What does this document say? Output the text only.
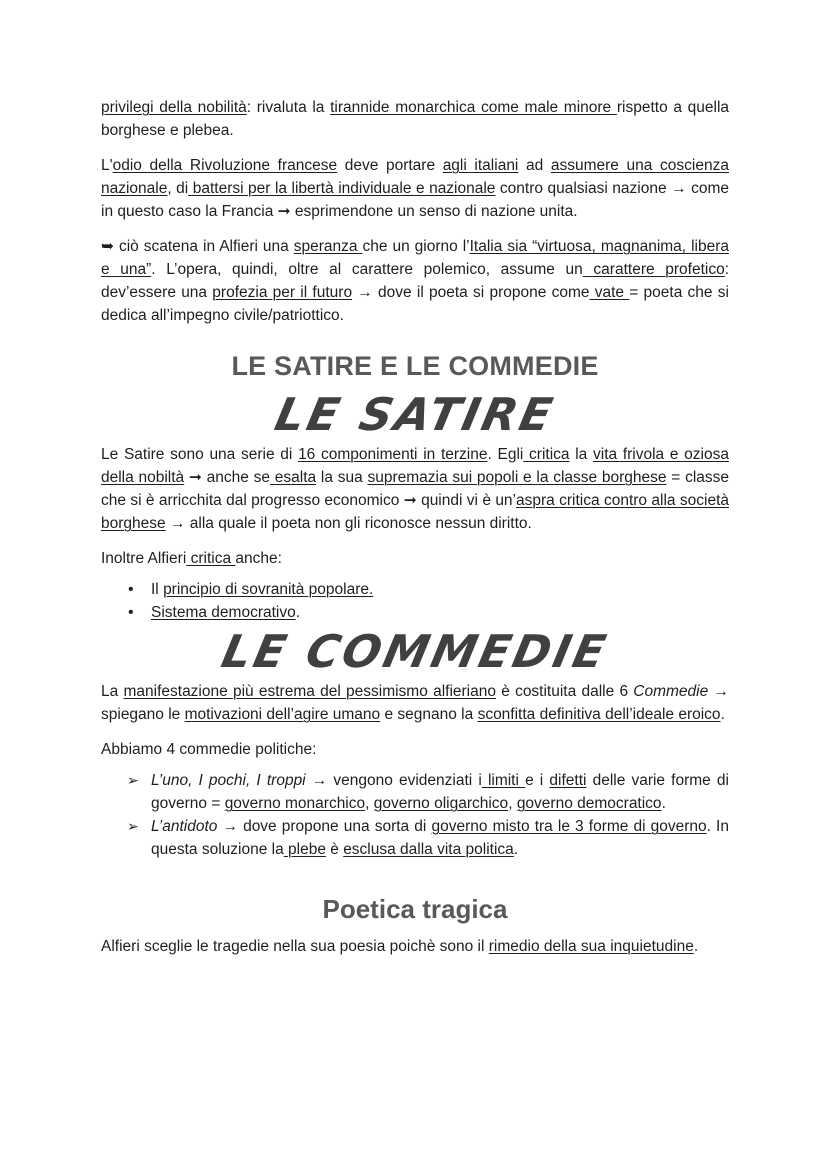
privilegi della nobilità: rivaluta la tirannide monarchica come male minore rispetto a quella borghese e plebea.

L'odio della Rivoluzione francese deve portare agli italiani ad assumere una coscienza nazionale, di battersi per la libertà individuale e nazionale contro qualsiasi nazione → come in questo caso la Francia ➞ esprimendone un senso di nazione unita.

➥ ciò scatena in Alfieri una speranza che un giorno l’Italia sia “virtuosa, magnanima, libera e una”. L’opera, quindi, oltre al carattere polemico, assume un carattere profetico: dev’essere una profezia per il futuro → dove il poeta si propone come vate = poeta che si dedica all’impegno civile/patriottico.

LE SATIRE E LE COMMEDIE
LE SATIRE

Le Satire sono una serie di 16 componimenti in terzine. Egli critica la vita frivola e oziosa della nobiltà ➞ anche se esalta la sua supremazia sui popoli e la classe borghese = classe che si è arricchita dal progresso economico ➞ quindi vi è un’aspra critica contro alla società borghese → alla quale il poeta non gli riconosce nessun diritto.

Inoltre Alfieri critica anche:

• Il principio di sovranità popolare.
• Sistema democrativo.
LE COMMEDIE

La manifestazione più estrema del pessimismo alfieriano è costituita dalle 6 Commedie → spiegano le motivazioni dell’agire umano e segnano la sconfitta definitiva dell’ideale eroico.

Abbiamo 4 commedie politiche:

➢ L’uno, I pochi, I troppi → vengono evidenziati i limiti e i difetti delle varie forme di governo = governo monarchico, governo oligarchico, governo democratico.
➢ L’antidoto → dove propone una sorta di governo misto tra le 3 forme di governo. In questa soluzione la plebe è esclusa dalla vita politica.
Poetica tragica

Alfieri sceglie le tragedie nella sua poesia poichè sono il rimedio della sua inquietudine.
